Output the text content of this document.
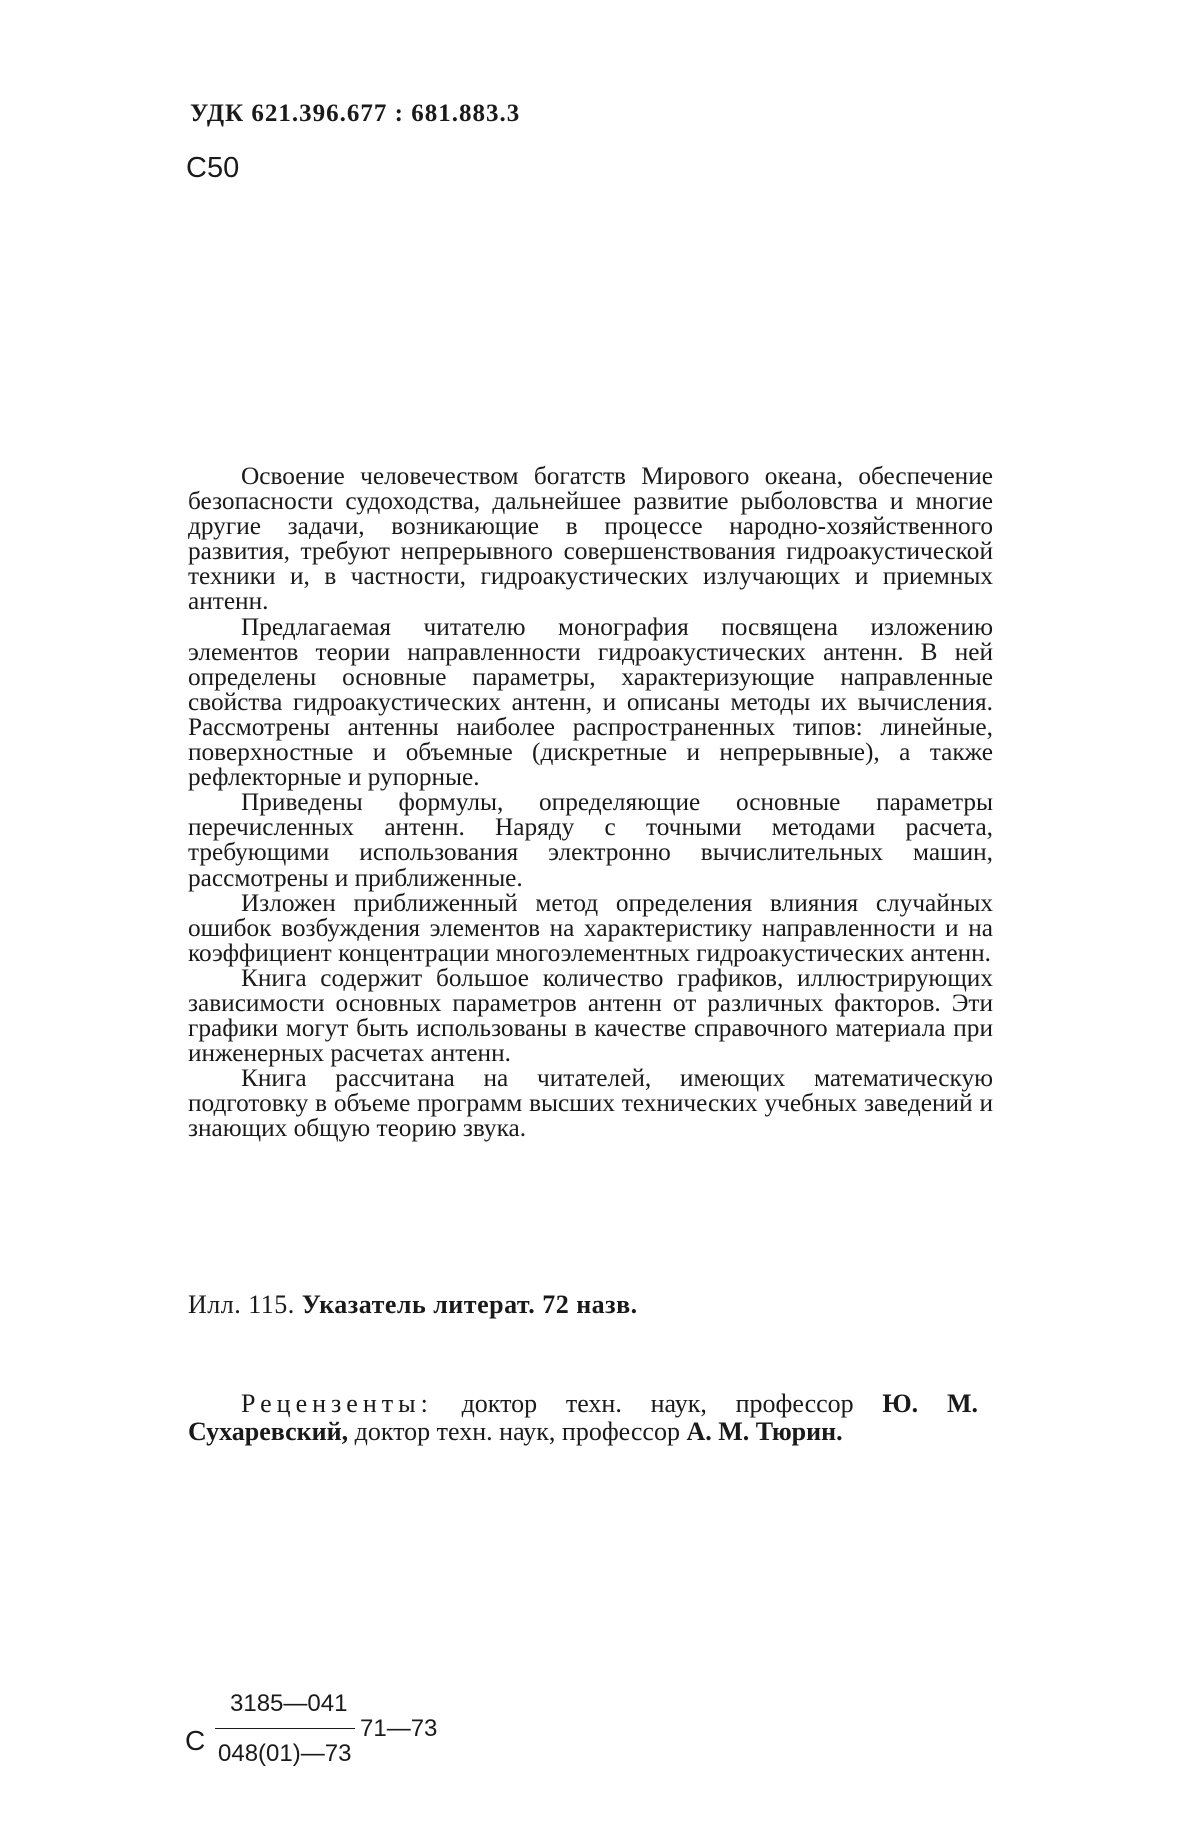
УДК 621.396.677 : 681.883.3
С50

Освоение человечеством богатств Мирового океана, обеспечение безопасности судоходства, дальнейшее развитие рыболовства и многие другие задачи, возникающие в процессе народно-хозяйственного развития, требуют непрерывного совершенствования гидроакустической техники и, в частности, гидроакустических излучающих и приемных антенн.

Предлагаемая читателю монография посвящена изложению элементов теории направленности гидроакустических антенн. В ней определены основные параметры, характеризующие направленные свойства гидроакустических антенн, и описаны методы их вычисления. Рассмотрены антенны наиболее распространенных типов: линейные, поверхностные и объемные (дискретные и непрерывные), а также рефлекторные и рупорные.

Приведены формулы, определяющие основные параметры перечисленных антенн. Наряду с точными методами расчета, требующими использования электронно вычислительных машин, рассмотрены и приближенные.

Изложен приближенный метод определения влияния случайных ошибок возбуждения элементов на характеристику направленности и на коэффициент концентрации многоэлементных гидроакустических антенн.

Книга содержит большое количество графиков, иллюстрирующих зависимости основных параметров антенн от различных факторов. Эти графики могут быть использованы в качестве справочного материала при инженерных расчетах антенн.

Книга рассчитана на читателей, имеющих математическую подготовку в объеме программ высших технических учебных заведений и знающих общую теорию звука.

Илл. 115. Указатель литерат. 72 назв.
Рецензенты: доктор техн. наук, профессор Ю. М. Сухаревский, доктор техн. наук, профессор А. М. Тюрин.
С
3185—041
048(01)—73
71—73
